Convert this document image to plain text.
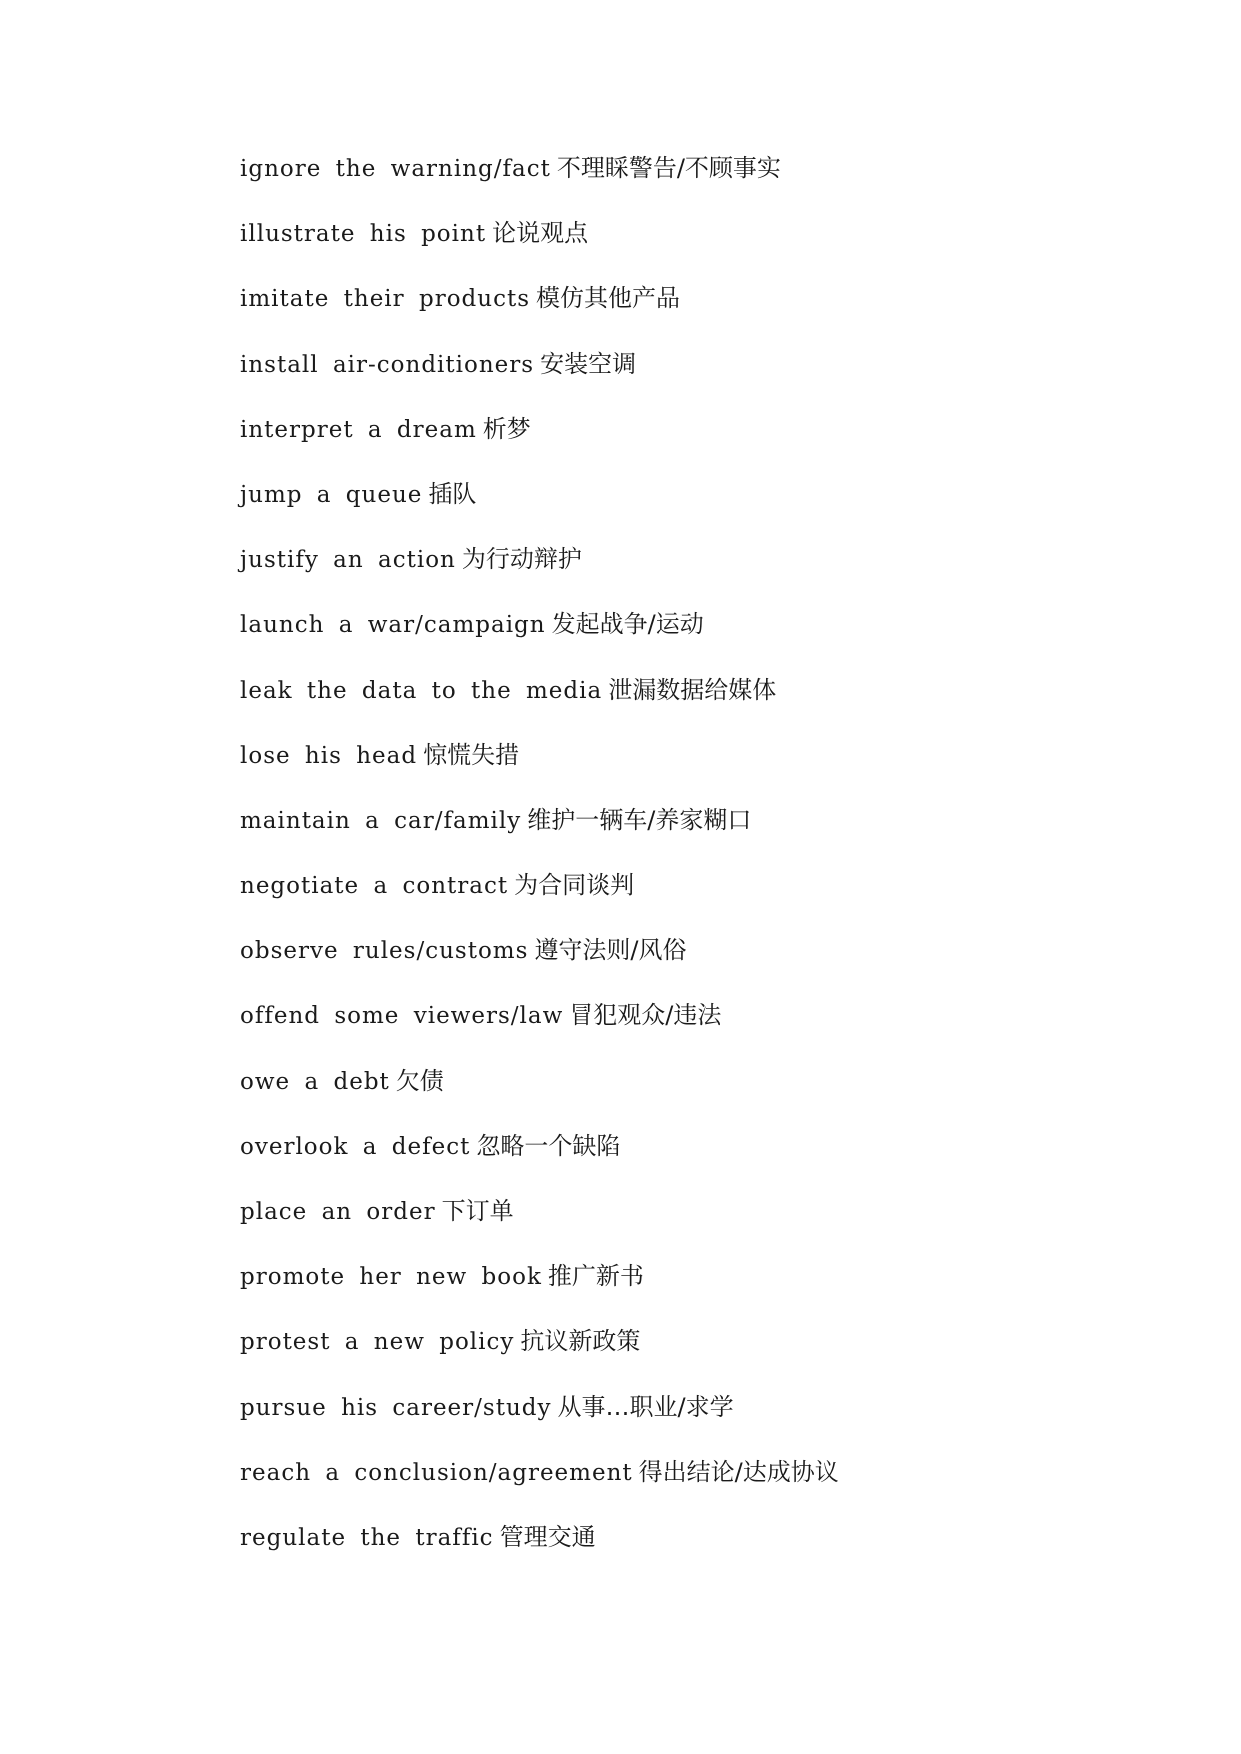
ignore the warning/fact 不理睬警告/不顾事实
illustrate his point 论说观点
imitate their products 模仿其他产品
install air-conditioners 安装空调
interpret a dream 析梦
jump a queue 插队
justify an action 为行动辩护
launch a war/campaign 发起战争/运动
leak the data to the media 泄漏数据给媒体
lose his head 惊慌失措
maintain a car/family 维护一辆车/养家糊口
negotiate a contract 为合同谈判
observe rules/customs 遵守法则/风俗
offend some viewers/law 冒犯观众/违法
owe a debt 欠债
overlook a defect 忽略一个缺陷
place an order 下订单
promote her new book 推广新书
protest a new policy 抗议新政策
pursue his career/study 从事…职业/求学
reach a conclusion/agreement 得出结论/达成协议
regulate the traffic 管理交通
